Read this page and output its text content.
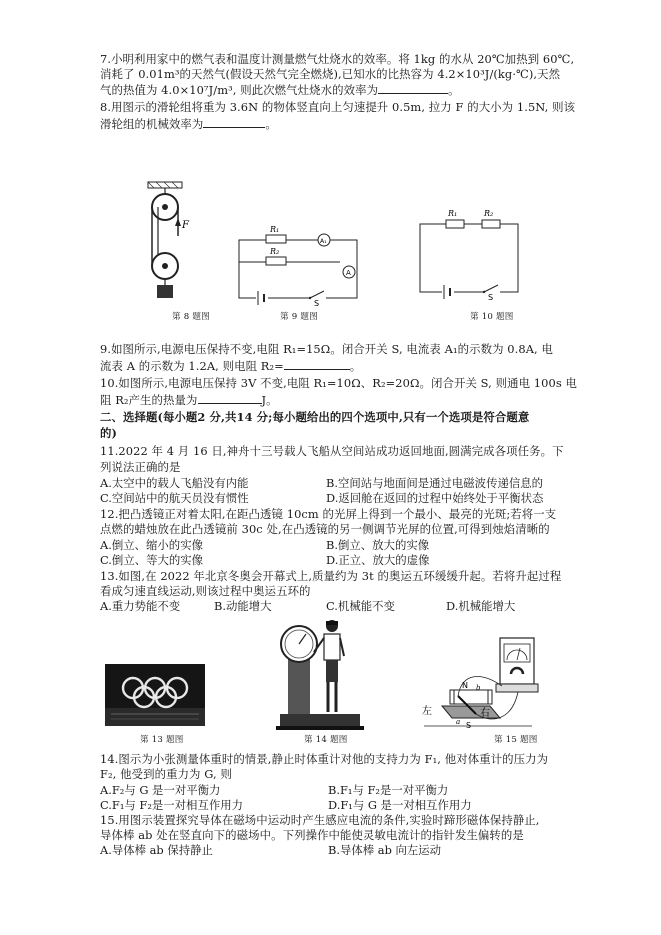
7.小明利用家中的燃气表和温度计测量燃气灶烧水的效率。将 1kg 的水从 20℃加热到 60℃,
消耗了 0.01m³的天然气(假设天然气完全燃烧),已知水的比热容为 4.2×10³J/(kg·℃),天然
气的热值为 4.0×10⁷J/m³, 则此次燃气灶烧水的效率为	。
8.用图示的滑轮组将重为 3.6N 的物体竖直向上匀速提升 0.5m, 拉力 F 的大小为 1.5N, 则该
滑轮组的机械效率为	。
F
第 8 题图
R₁
R₂
A₁
A
S
第 9 题图
R₁	R₂
S
第 10 题图
9.如图所示,电源电压保持不变,电阻 R₁=15Ω。闭合开关 S, 电流表 A₁的示数为 0.8A, 电
流表 A 的示数为 1.2A, 则电阻 R₂=	。
10.如图所示,电源电压保持 3V 不变,电阻 R₁=10Ω、R₂=20Ω。闭合开关 S, 则通电 100s 电
阻 R₂产生的热量为	J。
二、选择题(每小题2 分,共14 分;每小题给出的四个选项中,只有一个选项是符合题意
的)
11.2022 年 4 月 16 日,神舟十三号载人飞船从空间站成功返回地面,圆满完成各项任务。下
列说法正确的是
A.太空中的载人飞船没有内能	B.空间站与地面间是通过电磁波传递信息的
C.空间站中的航天员没有惯性	D.返回舱在返回的过程中始终处于平衡状态
12.把凸透镜正对着太阳,在距凸透镜 10cm 的光屏上得到一个最小、最亮的光斑;若将一支
点燃的蜡烛放在此凸透镜前 30c 处,在凸透镜的另一侧调节光屏的位置,可得到烛焰清晰的
A.倒立、缩小的实像	B.倒立、放大的实像
C.倒立、等大的实像	D.正立、放大的虚像
13.如图,在 2022 年北京冬奥会开幕式上,质量约为 3t 的奥运五环缓缓升起。若将升起过程
看成匀速直线运动,则该过程中奥运五环的
A.重力势能不变	B.动能增大	C.机械能不变	D.机械能增大
第 13 题图	第 14 题图
左	右
N
S
a
b
第 15 题图
14.图示为小张测量体重时的情景,静止时体重计对他的支持力为 F₁, 他对体重计的压力为
F₂, 他受到的重力为 G, 则
A.F₂与 G 是一对平衡力	B.F₁与 F₂是一对平衡力
C.F₁与 F₂是一对相互作用力	D.F₁与 G 是一对相互作用力
15.用图示装置探究导体在磁场中运动时产生感应电流的条件,实验时蹄形磁体保持静止,
导体棒 ab 处在竖直向下的磁场中。下列操作中能使灵敏电流计的指针发生偏转的是
A.导体棒 ab 保持静止	B.导体棒 ab 向左运动
